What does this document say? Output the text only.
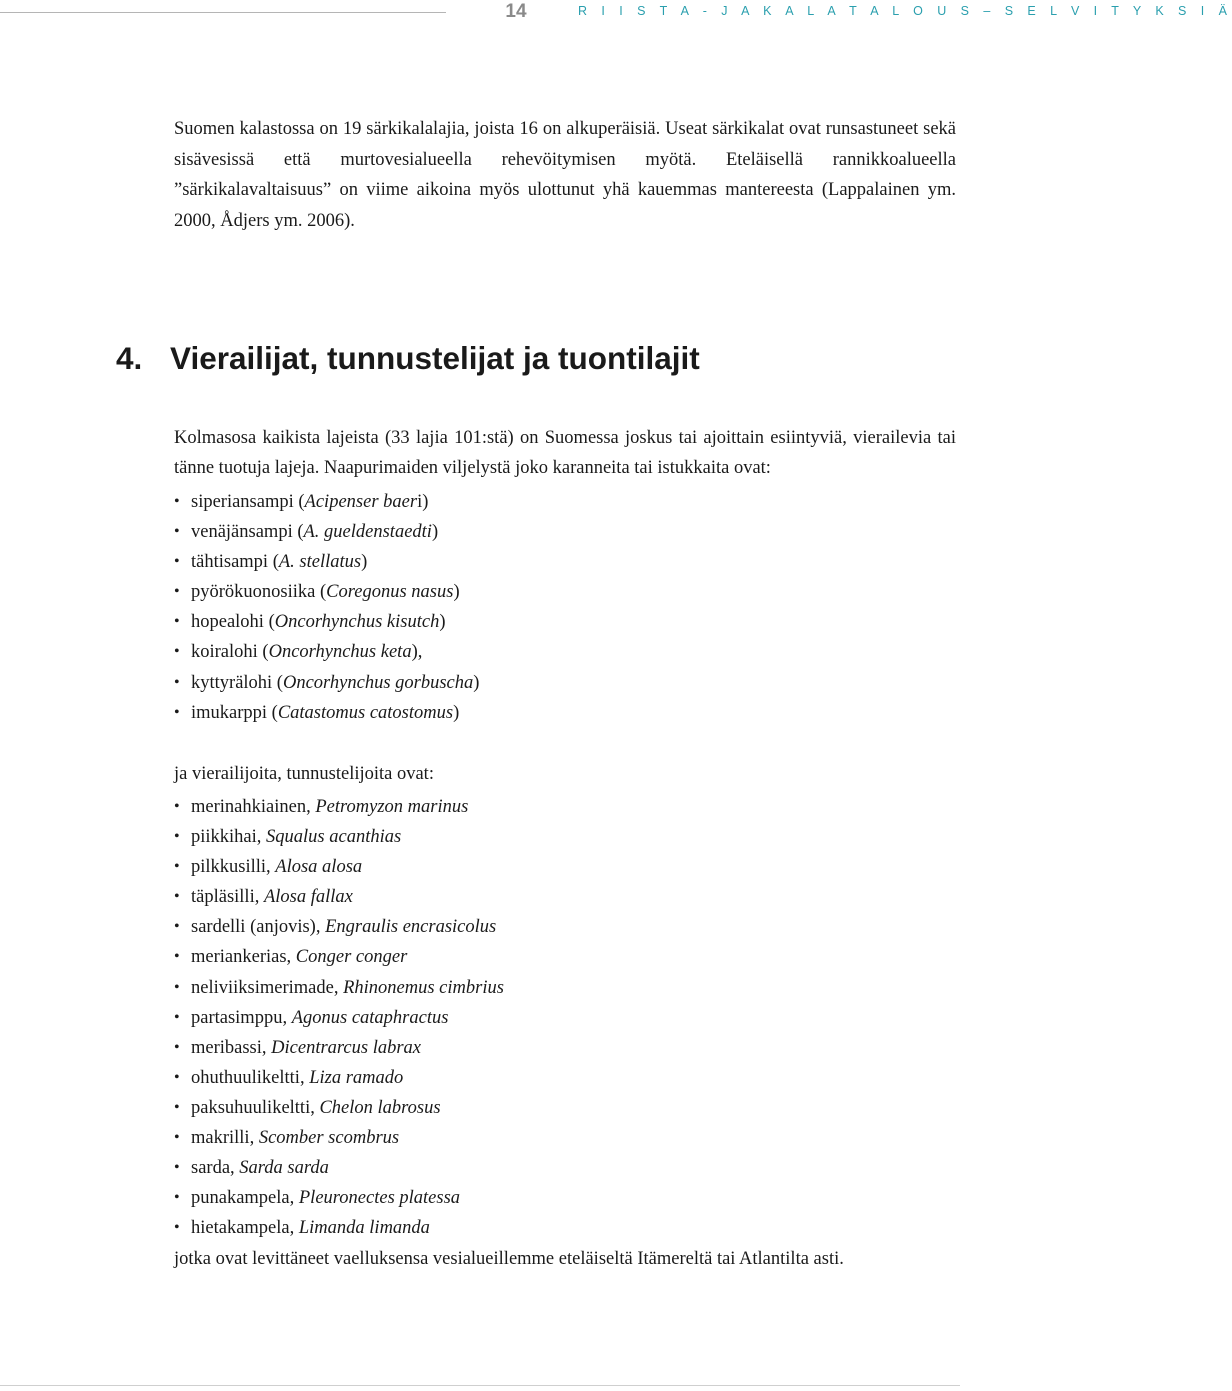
14	R I I S T A - J A K A L A T A L O U S – S E L V I T Y K S I Ä

Suomen kalastossa on 19 särkikalalajia, joista 16 on alkuperäisiä. Useat särkikalat ovat runsastuneet sekä sisävesissä että murtovesialueella rehevöitymisen myötä. Eteläisellä rannikkoalueella ”särkikalavaltaisuus” on viime aikoina myös ulottunut yhä kauemmas mantereesta (Lappalainen ym. 2000, Ådjers ym. 2006).

4. Vierailijat, tunnustelijat ja tuontilajit

Kolmasosa kaikista lajeista (33 lajia 101:stä) on Suomessa joskus tai ajoittain esiintyviä, vierailevia tai tänne tuotuja lajeja. Naapurimaiden viljelystä joko karanneita tai istukkaita ovat:

• siperiansampi (Acipenser baeri)
• venäjänsampi (A. gueldenstaedti)
• tähtisampi (A. stellatus)
• pyörökuonosiika (Coregonus nasus)
• hopealohi (Oncorhynchus kisutch)
• koiralohi (Oncorhynchus keta),
• kyttyrälohi (Oncorhynchus gorbuscha)
• imukarppi (Catastomus catostomus)

ja vierailijoita, tunnustelijoita ovat:

• merinahkiainen, Petromyzon marinus
• piikkihai, Squalus acanthias
• pilkkusilli, Alosa alosa
• täpläsilli, Alosa fallax
• sardelli (anjovis), Engraulis encrasicolus
• meriankerias, Conger conger
• neliviiksimerimade, Rhinonemus cimbrius
• partasimppu, Agonus cataphractus
• meribassi, Dicentrarcus labrax
• ohuthuulikeltti, Liza ramado
• paksuhuulikeltti, Chelon labrosus
• makrilli, Scomber scombrus
• sarda, Sarda sarda
• punakampela, Pleuronectes platessa
• hietakampela, Limanda limanda

jotka ovat levittäneet vaelluksensa vesialueillemme eteläiseltä Itämereltä tai Atlantilta asti.
